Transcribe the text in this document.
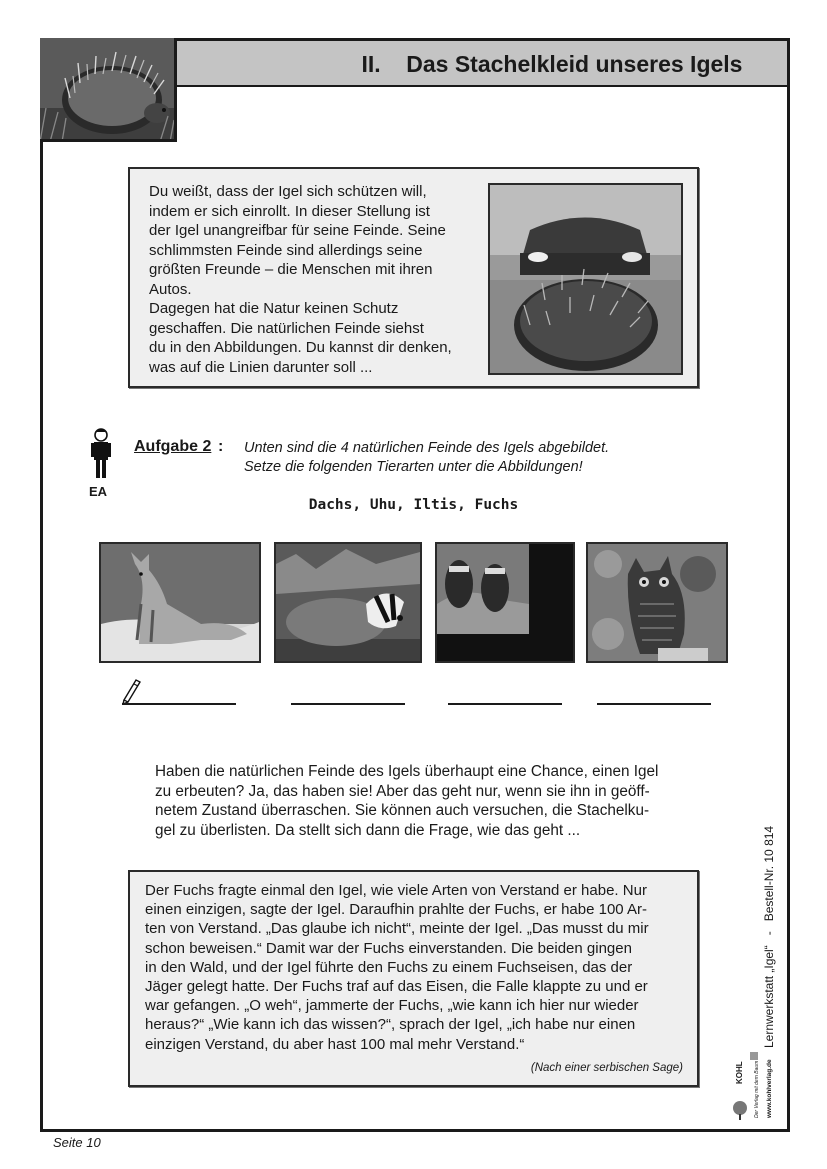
II.    Das Stachelkleid unseres Igels
Du weißt, dass der Igel sich schützen will,
indem er sich einrollt. In dieser Stellung ist
der Igel unangreifbar für seine Feinde. Seine
schlimmsten Feinde sind allerdings seine
größten Freunde – die Menschen mit ihren
Autos.
Dagegen hat die Natur keinen Schutz
geschaffen. Die natürlichen Feinde siehst
du in den Abbildungen. Du kannst dir denken,
was auf die Linien darunter soll ...
EA
Aufgabe 2 : Unten sind die 4 natürlichen Feinde des Igels abgebildet.
Setze die folgenden Tierarten unter die Abbildungen!
Dachs, Uhu, Iltis, Fuchs
Haben die natürlichen Feinde des Igels überhaupt eine Chance, einen Igel
zu erbeuten? Ja, das haben sie! Aber das geht nur, wenn sie ihn in geöff-
netem Zustand überraschen. Sie können auch versuchen, die Stachelku-
gel zu überlisten. Da stellt sich dann die Frage, wie das geht ...
Der Fuchs fragte einmal den Igel, wie viele Arten von Verstand er habe. Nur
einen einzigen, sagte der Igel. Daraufhin prahlte der Fuchs, er habe 100 Ar-
ten von Verstand. „Das glaube ich nicht“, meinte der Igel. „Das musst du mir
schon beweisen.“ Damit war der Fuchs einverstanden. Die beiden gingen
in den Wald, und der Igel führte den Fuchs zu einem Fuchseisen, das der
Jäger gelegt hatte. Der Fuchs traf auf das Eisen, die Falle klappte zu und er
war gefangen. „O weh“, jammerte der Fuchs, „wie kann ich hier nur wieder
heraus?“ „Wie kann ich das wissen?“, sprach der Igel, „ich habe nur einen
einzigen Verstand, du aber hast 100 mal mehr Verstand.“
(Nach einer serbischen Sage)
Lernwerkstatt „Igel“   -   Bestell-Nr. 10 814
KOHL Der Verlag mit dem Baum www.kohlverlag.de
Seite 10
